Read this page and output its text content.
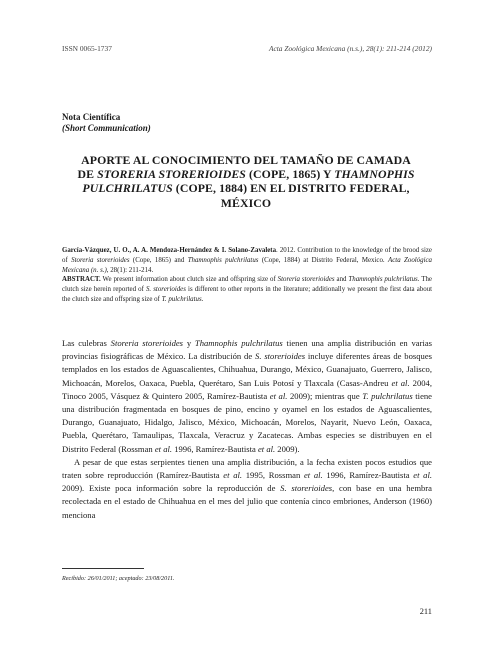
ISSN 0065-1737	Acta Zoológica Mexicana (n.s.), 28(1): 211-214 (2012)
Nota Científica
(Short Communication)
APORTE AL CONOCIMIENTO DEL TAMAÑO DE CAMADA
DE STORERIA STORERIOIDES (COPE, 1865) Y THAMNOPHIS
PULCHRILATUS (COPE, 1884) EN EL DISTRITO FEDERAL,
MÉXICO

García-Vázquez, U. O., A. A. Mendoza-Hernández & I. Solano-Zavaleta. 2012. Contribution to the knowledge of the brood size of Storeria storerioides (Cope, 1865) and Thamnophis pulchrilatus (Cope, 1884) at Distrito Federal, Mexico. Acta Zoológica Mexicana (n. s.), 28(1): 211-214.

ABSTRACT. We present information about clutch size and offspring size of Storeria storerioides and Thamnophis pulchrilatus. The clutch size herein reported of S. storerioides is different to other reports in the literature; additionally we present the first data about the clutch size and offspring size of T. pulchrilatus.

Las culebras Storeria storerioides y Thamnophis pulchrilatus tienen una amplia distribución en varias provincias fisiográficas de México. La distribución de S. storerioides incluye diferentes áreas de bosques templados en los estados de Aguascalientes, Chihuahua, Durango, México, Guanajuato, Guerrero, Jalisco, Michoacán, Morelos, Oaxaca, Puebla, Querétaro, San Luis Potosí y Tlaxcala (Casas-Andreu et al. 2004, Tinoco 2005, Vásquez & Quintero 2005, Ramírez-Bautista et al. 2009); mientras que T. pulchrilatus tiene una distribución fragmentada en bosques de pino, encino y oyamel en los estados de Aguascalientes, Durango, Guanajuato, Hidalgo, Jalisco, México, Michoacán, Morelos, Nayarit, Nuevo León, Oaxaca, Puebla, Querétaro, Tamaulipas, Tlaxcala, Veracruz y Zacatecas. Ambas especies se distribuyen en el Distrito Federal (Rossman et al. 1996, Ramírez-Bautista et al. 2009).

A pesar de que estas serpientes tienen una amplia distribución, a la fecha existen pocos estudios que traten sobre reproducción (Ramírez-Bautista et al. 1995, Rossman et al. 1996, Ramírez-Bautista et al. 2009). Existe poca información sobre la reproducción de S. storerioides, con base en una hembra recolectada en el estado de Chihuahua en el mes del julio que contenía cinco embriones, Anderson (1960) menciona

Recibido: 26/01/2011; aceptado: 23/08/2011.
211
